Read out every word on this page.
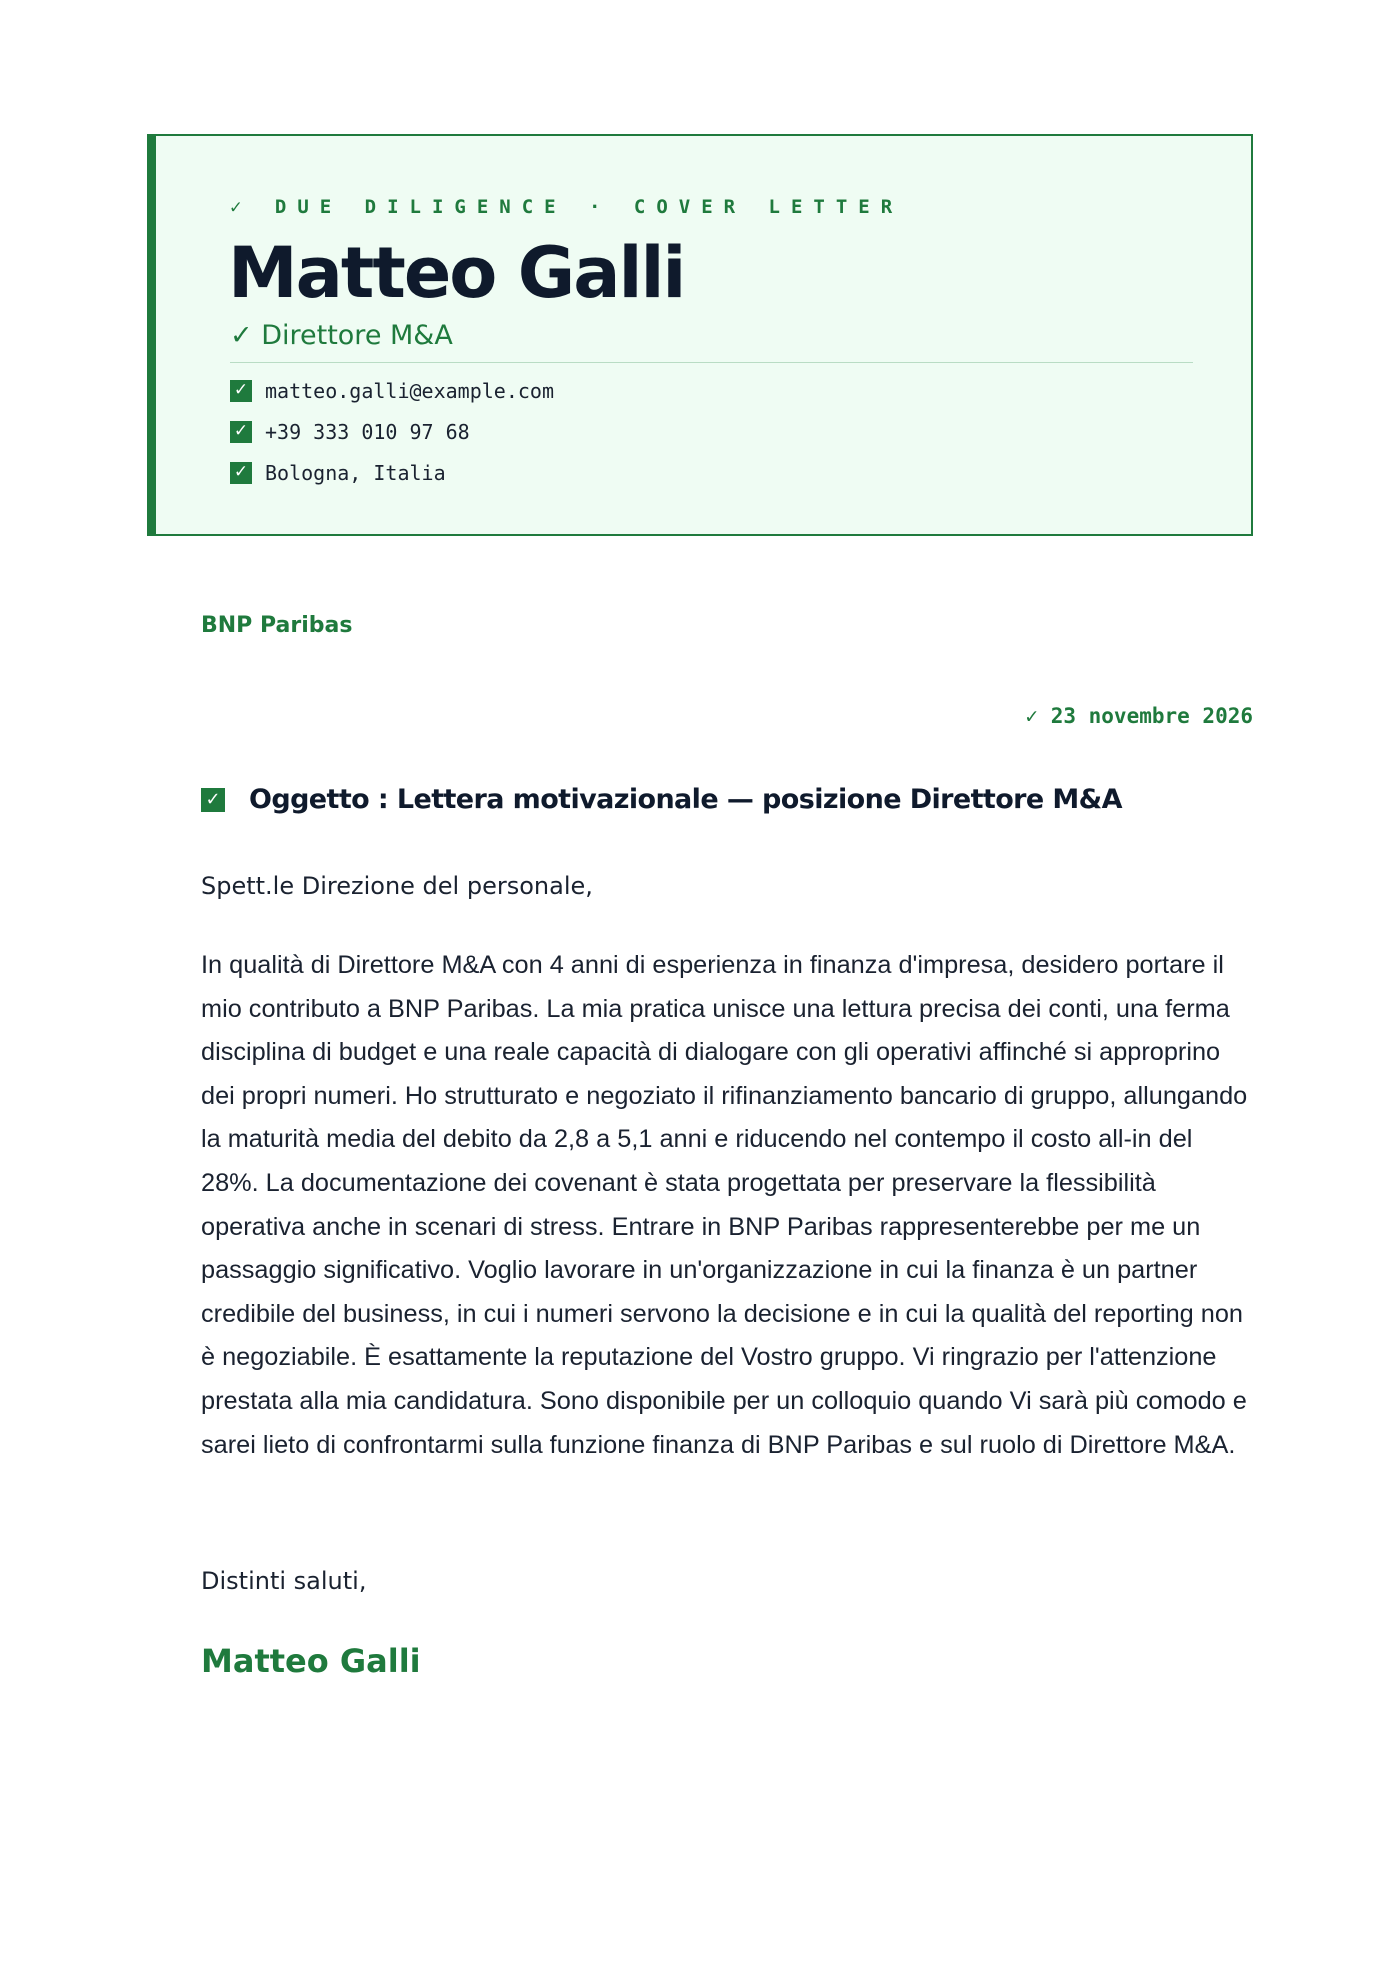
✓ DUE DILIGENCE · COVER LETTER
Matteo Galli
✓ Direttore M&A
✓ matteo.galli@example.com
✓ +39 333 010 97 68
✓ Bologna, Italia
BNP Paribas
✓ 23 novembre 2026
✓ Oggetto : Lettera motivazionale — posizione Direttore M&A
Spett.le Direzione del personale,

In qualità di Direttore M&A con 4 anni di esperienza in finanza d'impresa, desidero portare il mio contributo a BNP Paribas. La mia pratica unisce una lettura precisa dei conti, una ferma disciplina di budget e una reale capacità di dialogare con gli operativi affinché si approprino dei propri numeri. Ho strutturato e negoziato il rifinanziamento bancario di gruppo, allungando la maturità media del debito da 2,8 a 5,1 anni e riducendo nel contempo il costo all-in del 28%. La documentazione dei covenant è stata progettata per preservare la flessibilità operativa anche in scenari di stress. Entrare in BNP Paribas rappresenterebbe per me un passaggio significativo. Voglio lavorare in un'organizzazione in cui la finanza è un partner credibile del business, in cui i numeri servono la decisione e in cui la qualità del reporting non è negoziabile. È esattamente la reputazione del Vostro gruppo. Vi ringrazio per l'attenzione prestata alla mia candidatura. Sono disponibile per un colloquio quando Vi sarà più comodo e sarei lieto di confrontarmi sulla funzione finanza di BNP Paribas e sul ruolo di Direttore M&A.

Distinti saluti,
Matteo Galli
